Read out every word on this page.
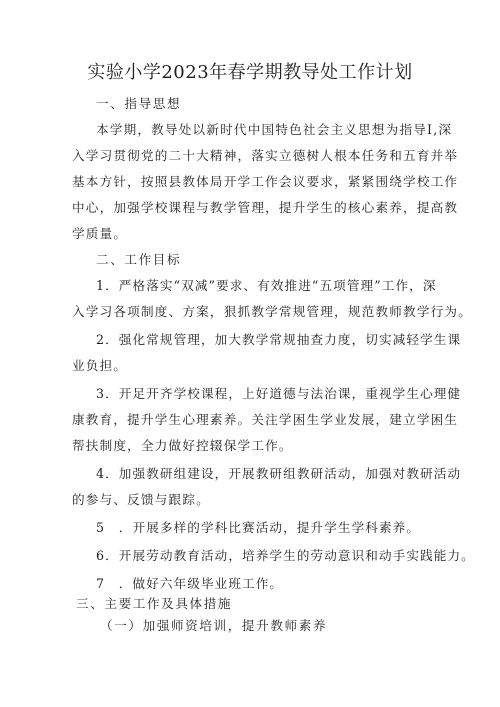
实验小学2023年春学期教导处工作计划
一、指导思想
本学期，教导处以新时代中国特色社会主义思想为指导I,深
入学习贯彻党的二十大精神，落实立德树人根本任务和五育并举
基本方针，按照县教体局开学工作会议要求，紧紧围绕学校工作
中心，加强学校课程与教学管理，提升学生的核心素养，提高教
学质量。
二、工作目标
1．严格落实“双减”要求、有效推进“五项管理”工作，深
入学习各项制度、方案，狠抓教学常规管理，规范教师教学行为。
2．强化常规管理，加大教学常规抽查力度，切实减轻学生课
业负担。
3．开足开齐学校课程，上好道德与法治课，重视学生心理健
康教育，提升学生心理素养。关注学困生学业发展，建立学困生
帮扶制度，全力做好控辍保学工作。
4．加强教研组建设，开展教研组教研活动，加强对教研活动
的参与、反馈与跟踪。
5　．开展多样的学科比赛活动，提升学生学科素养。
6．开展劳动教育活动，培养学生的劳动意识和动手实践能力。
7　．做好六年级毕业班工作。
三、主要工作及具体措施
（一）加强师资培训，提升教师素养
